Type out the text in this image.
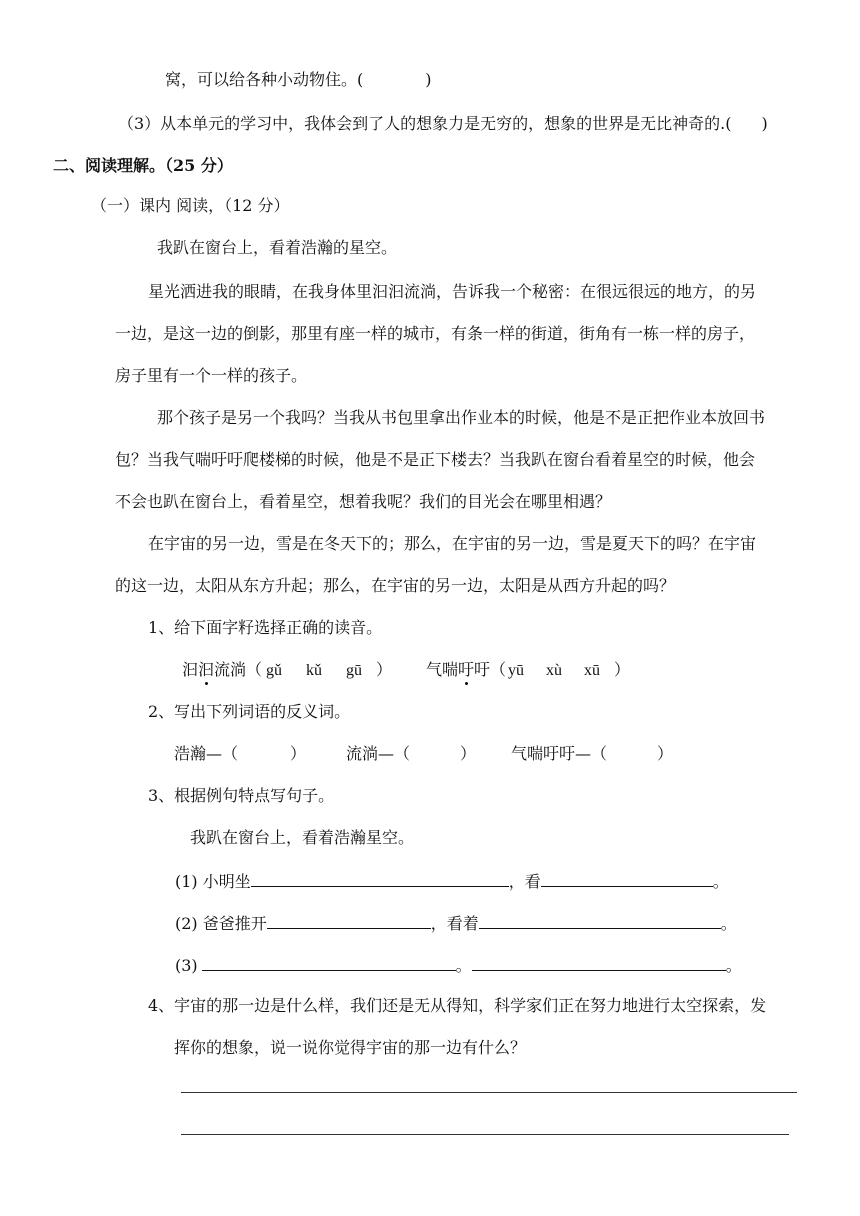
窝，可以给各种小动物住。(	)
（3）从本单元的学习中，我体会到了人的想象力是无穷的，想象的世界是无比神奇的.( )
二、阅读理解。（25 分）
（一）课内 阅读，（12 分）
我趴在窗台上，看着浩瀚的星空。
星光洒进我的眼睛，在我身体里汩汩流淌，告诉我一个秘密：在很远很远的地方，的另
一边，是这一边的倒影，那里有座一样的城市，有条一样的街道，街角有一栋一样的房子，
房子里有一个一样的孩子。
那个孩子是另一个我吗？当我从书包里拿出作业本的时候，他是不是正把作业本放回书
包？当我气喘吁吁爬楼梯的时候，他是不是正下楼去？当我趴在窗台看着星空的时候，他会
不会也趴在窗台上，看着星空，想着我呢？我们的目光会在哪里相遇？
在宇宙的另一边，雪是在冬天下的；那么，在宇宙的另一边，雪是夏天下的吗？在宇宙
的这一边，太阳从东方升起；那么，在宇宙的另一边，太阳是从西方升起的吗？
1、给下面字籽选择正确的读音。
汩汩流淌（ gǔ kǔ gū ） 气喘吁吁（ yū xù xū ）
2、写出下列词语的反义词。
浩瀚—（	） 流淌—（	） 气喘吁吁—（	）
3、根据例句特点写句子。
我趴在窗台上，看着浩瀚星空。
(1) 小明坐	，看	。
(2) 爸爸推开	，看着	。
(3)	。	。
4、宇宙的那一边是什么样，我们还是无从得知，科学家们正在努力地进行太空探索，发
挥你的想象，说一说你觉得宇宙的那一边有什么？
